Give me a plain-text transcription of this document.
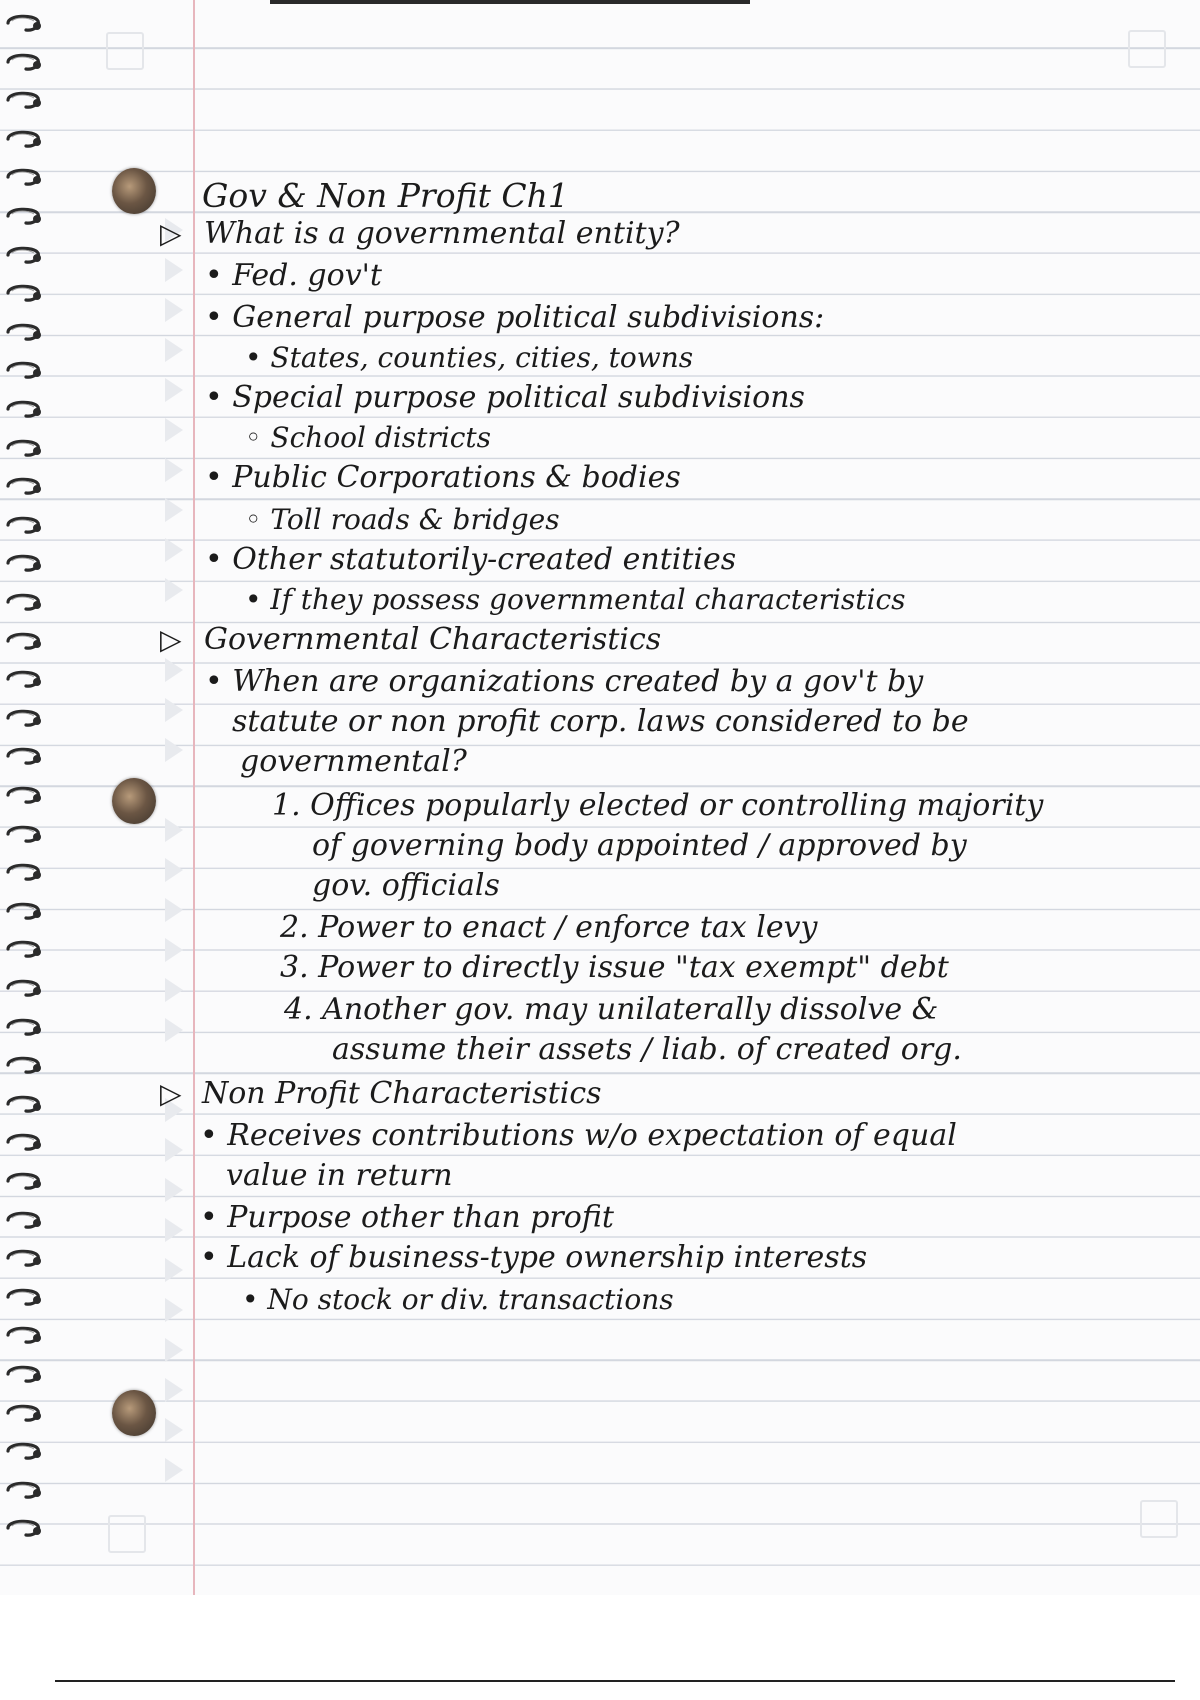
Gov & Non Profit Ch1
▷ What is a governmental entity?
• Fed. gov't
• General purpose political subdivisions:
• States, counties, cities, towns
• Special purpose political subdivisions
◦ School districts
• Public Corporations & bodies
◦ Toll roads & bridges
• Other statutorily-created entities
• If they possess governmental characteristics
▷ Governmental Characteristics
• When are organizations created by a gov't by
statute or non profit corp. laws considered to be
governmental?
1. Offices popularly elected or controlling majority
of governing body appointed / approved by
gov. officials
2. Power to enact / enforce tax levy
3. Power to directly issue "tax exempt" debt
4. Another gov. may unilaterally dissolve &
assume their assets / liab. of created org.
▷ Non Profit Characteristics
• Receives contributions w/o expectation of equal
value in return
• Purpose other than profit
• Lack of business-type ownership interests
• No stock or div. transactions
